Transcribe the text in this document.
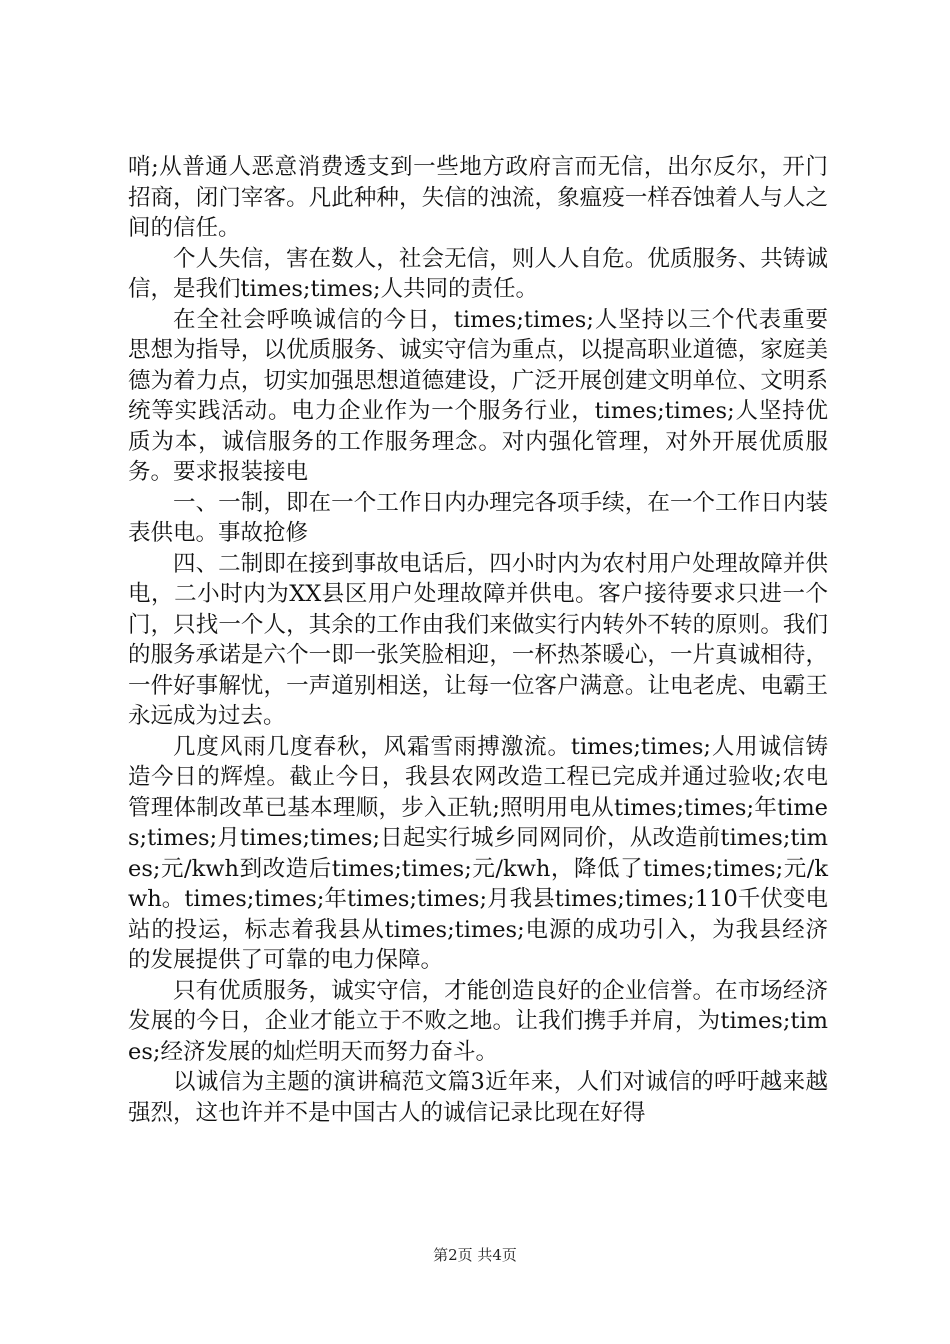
哨;从普通人恶意消费透支到一些地方政府言而无信，出尔反尔，开门招商，闭门宰客。凡此种种，失信的浊流，象瘟疫一样吞蚀着人与人之间的信任。

个人失信，害在数人，社会无信，则人人自危。优质服务、共铸诚信，是我们times;times;人共同的责任。

在全社会呼唤诚信的今日，times;times;人坚持以三个代表重要思想为指导，以优质服务、诚实守信为重点，以提高职业道德，家庭美德为着力点，切实加强思想道德建设，广泛开展创建文明单位、文明系统等实践活动。电力企业作为一个服务行业，times;times;人坚持优质为本，诚信服务的工作服务理念。对内强化管理，对外开展优质服务。要求报装接电

一、一制，即在一个工作日内办理完各项手续，在一个工作日内装表供电。事故抢修

四、二制即在接到事故电话后，四小时内为农村用户处理故障并供电，二小时内为XX县区用户处理故障并供电。客户接待要求只进一个门，只找一个人，其余的工作由我们来做实行内转外不转的原则。我们的服务承诺是六个一即一张笑脸相迎，一杯热茶暖心，一片真诚相待，一件好事解忧，一声道别相送，让每一位客户满意。让电老虎、电霸王永远成为过去。

几度风雨几度春秋，风霜雪雨搏激流。times;times;人用诚信铸造今日的辉煌。截止今日，我县农网改造工程已完成并通过验收;农电管理体制改革已基本理顺，步入正轨;照明用电从times;times;年times;times;月times;times;日起实行城乡同网同价，从改造前times;times;元/kwh到改造后times;times;元/kwh，降低了times;times;元/kwh。times;times;年times;times;月我县times;times;110千伏变电站的投运，标志着我县从times;times;电源的成功引入，为我县经济的发展提供了可靠的电力保障。

只有优质服务，诚实守信，才能创造良好的企业信誉。在市场经济发展的今日，企业才能立于不败之地。让我们携手并肩，为times;times;经济发展的灿烂明天而努力奋斗。

以诚信为主题的演讲稿范文篇3近年来，人们对诚信的呼吁越来越强烈，这也许并不是中国古人的诚信记录比现在好得

第2页 共4页
